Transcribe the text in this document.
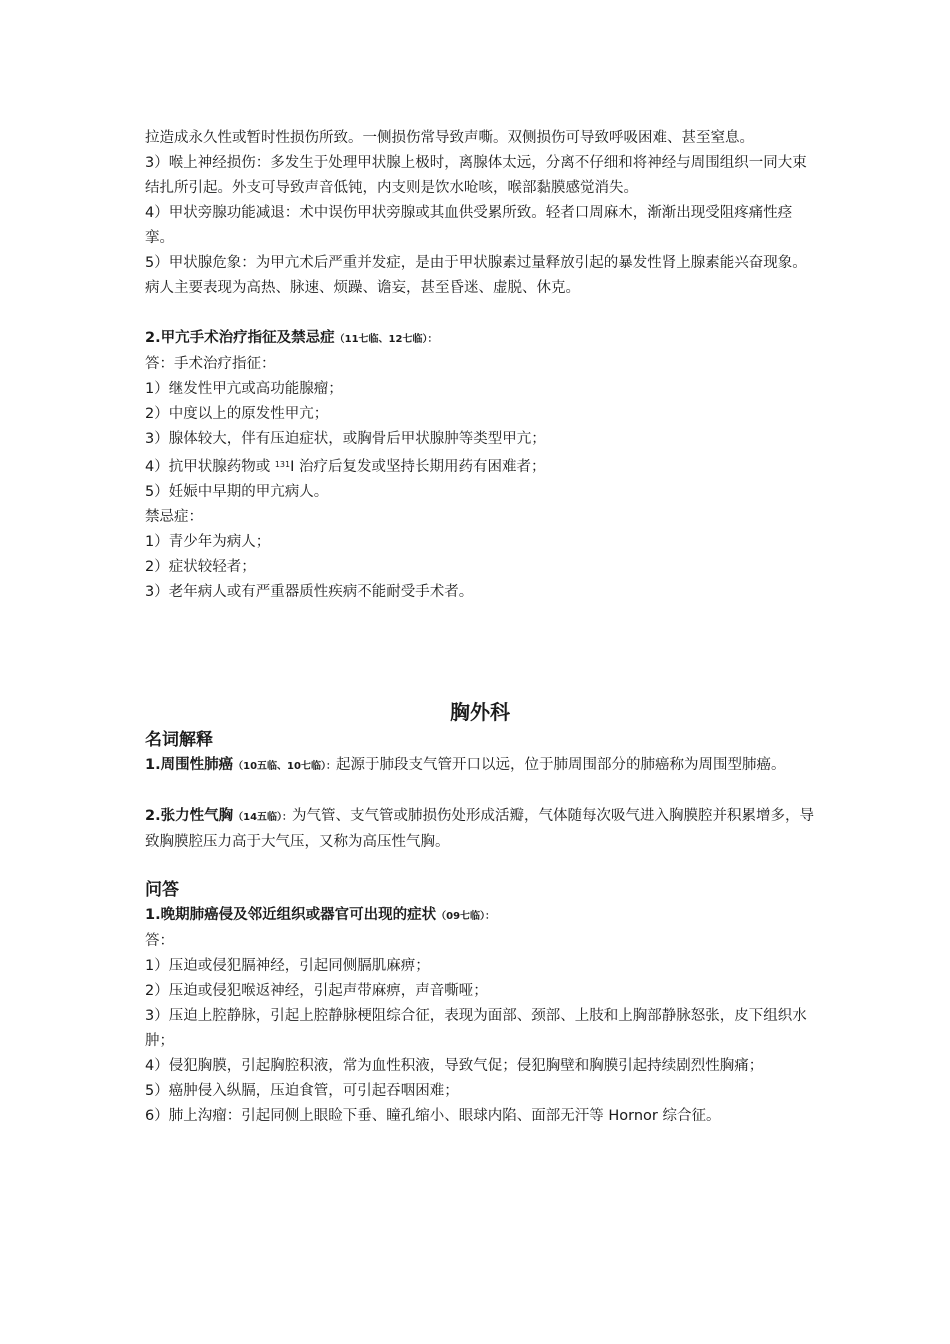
拉造成永久性或暂时性损伤所致。一侧损伤常导致声嘶。双侧损伤可导致呼吸困难、甚至窒息。

3）喉上神经损伤：多发生于处理甲状腺上极时，离腺体太远，分离不仔细和将神经与周围组织一同大束结扎所引起。外支可导致声音低钝，内支则是饮水呛咳，喉部黏膜感觉消失。

4）甲状旁腺功能减退：术中误伤甲状旁腺或其血供受累所致。轻者口周麻木，渐渐出现受阻疼痛性痉挛。

5）甲状腺危象：为甲亢术后严重并发症，是由于甲状腺素过量释放引起的暴发性肾上腺素能兴奋现象。病人主要表现为高热、脉速、烦躁、谵妄，甚至昏迷、虚脱、休克。

2.甲亢手术治疗指征及禁忌症（11七临、12七临）：

答：手术治疗指征：

1）继发性甲亢或高功能腺瘤；

2）中度以上的原发性甲亢；

3）腺体较大，伴有压迫症状，或胸骨后甲状腺肿等类型甲亢；

4）抗甲状腺药物或 $^{131}$I 治疗后复发或坚持长期用药有困难者；

5）妊娠中早期的甲亢病人。

禁忌症：

1）青少年为病人；

2）症状较轻者；

3）老年病人或有严重器质性疾病不能耐受手术者。

胸外科

名词解释

1.周围性肺癌（10五临、10七临）：起源于肺段支气管开口以远，位于肺周围部分的肺癌称为周围型肺癌。

2.张力性气胸（14五临）：为气管、支气管或肺损伤处形成活瓣，气体随每次吸气进入胸膜腔并积累增多，导致胸膜腔压力高于大气压，又称为高压性气胸。

问答

1.晚期肺癌侵及邻近组织或器官可出现的症状（09七临）：

答：

1）压迫或侵犯膈神经，引起同侧膈肌麻痹；

2）压迫或侵犯喉返神经，引起声带麻痹，声音嘶哑；

3）压迫上腔静脉，引起上腔静脉梗阻综合征，表现为面部、颈部、上肢和上胸部静脉怒张，皮下组织水肿；

4）侵犯胸膜，引起胸腔积液，常为血性积液，导致气促；侵犯胸壁和胸膜引起持续剧烈性胸痛；

5）癌肿侵入纵膈，压迫食管，可引起吞咽困难；

6）肺上沟瘤：引起同侧上眼睑下垂、瞳孔缩小、眼球内陷、面部无汗等 Hornor 综合征。
